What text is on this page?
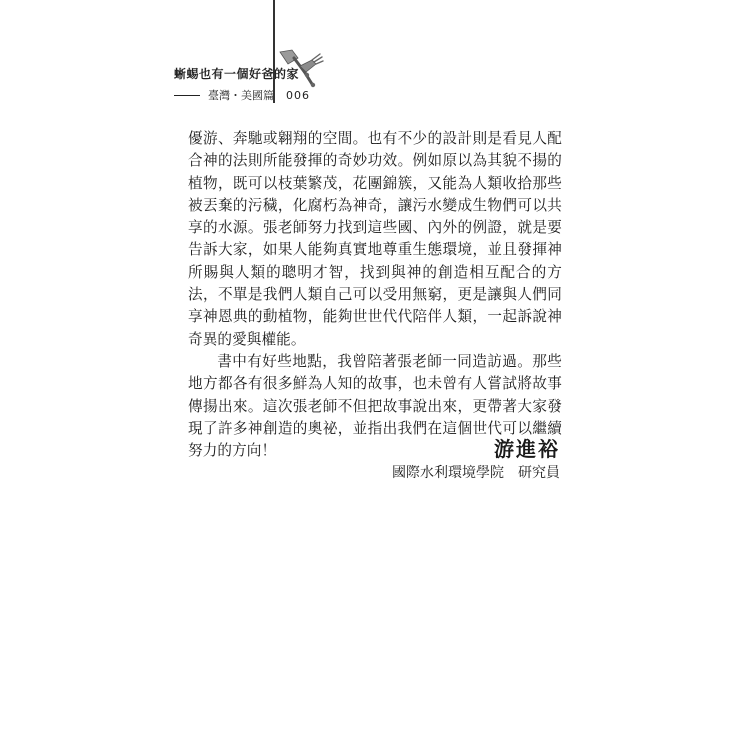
蜥蜴也有一個好爸的家
臺灣・美國篇 006

優游、奔馳或翱翔的空間。也有不少的設計則是看見人配合神的法則所能發揮的奇妙功效。例如原以為其貌不揚的植物，既可以枝葉繁茂，花團錦簇，又能為人類收拾那些被丟棄的污穢，化腐朽為神奇，讓污水變成生物們可以共享的水源。張老師努力找到這些國、內外的例證，就是要告訴大家，如果人能夠真實地尊重生態環境，並且發揮神所賜與人類的聰明才智，找到與神的創造相互配合的方法，不單是我們人類自己可以受用無窮，更是讓與人們同享神恩典的動植物，能夠世世代代陪伴人類，一起訴說神奇異的愛與權能。

書中有好些地點，我曾陪著張老師一同造訪過。那些地方都各有很多鮮為人知的故事，也未曾有人嘗試將故事傳揚出來。這次張老師不但把故事說出來，更帶著大家發現了許多神創造的奧祕，並指出我們在這個世代可以繼續努力的方向！	游進裕
國際水利環境學院 研究員
